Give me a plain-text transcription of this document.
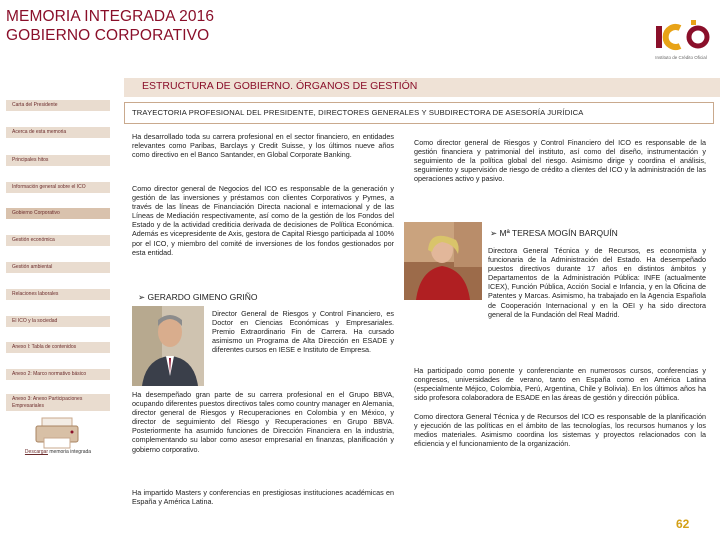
MEMORIA INTEGRADA 2016
GOBIERNO CORPORATIVO
Instituto de Crédito Oficial
ESTRUCTURA DE GOBIERNO. ÓRGANOS DE GESTIÓN
Carta del Presidente
Acerca de esta memoria
Principales hitos
Información general sobre el ICO
Gobierno Corporativo
Gestión económica
Gestión ambiental
Relaciones laborales
El ICO y la sociedad
Anexo I: Tabla de contenidos
Anexo 2: Marco normativo básico
Anexo 3: Anexo Participaciones Empresariales
Descargar memoria integrada
TRAYECTORIA PROFESIONAL DEL PRESIDENTE, DIRECTORES GENERALES Y SUBDIRECTORA DE ASESORÍA JURÍDICA
Ha desarrollado toda su carrera profesional en el sector financiero, en entidades relevantes como Paribas, Barclays y Credit Suisse, y los últimos nueve años como directivo en el Banco Santander, en Global Corporate Banking.
Como director general de Negocios del ICO es responsable de la generación y gestión de las inversiones y préstamos con clientes Corporativos y Pymes, a través de las líneas de Financiación Directa nacional e internacional y de las Líneas de Mediación respectivamente, así como de la gestión de los Fondos del Estado y de la actividad crediticia derivada de decisiones de Política Económica. Además es vicepresidente de Axis, gestora de Capital Riesgo participada al 100% por el ICO, y miembro del comité de inversiones de los fondos gestionados por esta entidad.
➢ GERARDO GIMENO GRIÑO
Director General de Riesgos y Control Financiero, es Doctor en Ciencias Económicas y Empresariales. Premio Extraordinario Fin de Carrera. Ha cursado asimismo un Programa de Alta Dirección en ESADE y diferentes cursos en IESE e Instituto de Empresa.
Ha desempeñado gran parte de su carrera profesional en el Grupo BBVA, ocupando diferentes puestos directivos tales como country manager en Alemania, director general de Riesgos y Recuperaciones en Colombia y en México, y director de seguimiento del Riesgo y Recuperaciones en Grupo BBVA. Posteriormente ha asumido funciones de Dirección Financiera en la industria, complementando su labor como asesor empresarial en finanzas, planificación y gobierno corporativo.
Ha impartido Masters y conferencias en prestigiosas instituciones académicas en España y América Latina.
Como director general de Riesgos y Control Financiero del ICO es responsable de la gestión financiera y patrimonial del instituto, así como del diseño, instrumentación y seguimiento de la política global del riesgo. Asimismo dirige y coordina el análisis, seguimiento y supervisión de riesgo de crédito a clientes del ICO y la administración de las operaciones activo y pasivo.
➢ Mª TERESA MOGÍN BARQUÍN
Directora General Técnica y de Recursos, es economista y funcionaria de la Administración del Estado. Ha desempeñado puestos directivos durante 17 años en distintos ámbitos y Departamentos de la Administración Pública: INFE (actualmente ICEX), Función Pública, Acción Social e Infancia, y en la Oficina de Patentes y Marcas. Asimismo, ha trabajado en la Agencia Española de Cooperación Internacional y en la OEI y ha sido directora general de la Fundación del Real Madrid.
Ha participado como ponente y conferenciante en numerosos cursos, conferencias y congresos, universidades de verano, tanto en España como en América Latina (especialmente Méjico, Colombia, Perú, Argentina, Chile y Bolivia). En los últimos años ha sido profesora colaboradora de ESADE en las áreas de gestión y dirección pública.
Como directora General Técnica y de Recursos del ICO es responsable de la planificación y ejecución de las políticas en el ámbito de las tecnologías, los recursos humanos y los medios materiales. Asimismo coordina los sistemas y proyectos relacionados con la eficiencia y el funcionamiento de la organización.
62
